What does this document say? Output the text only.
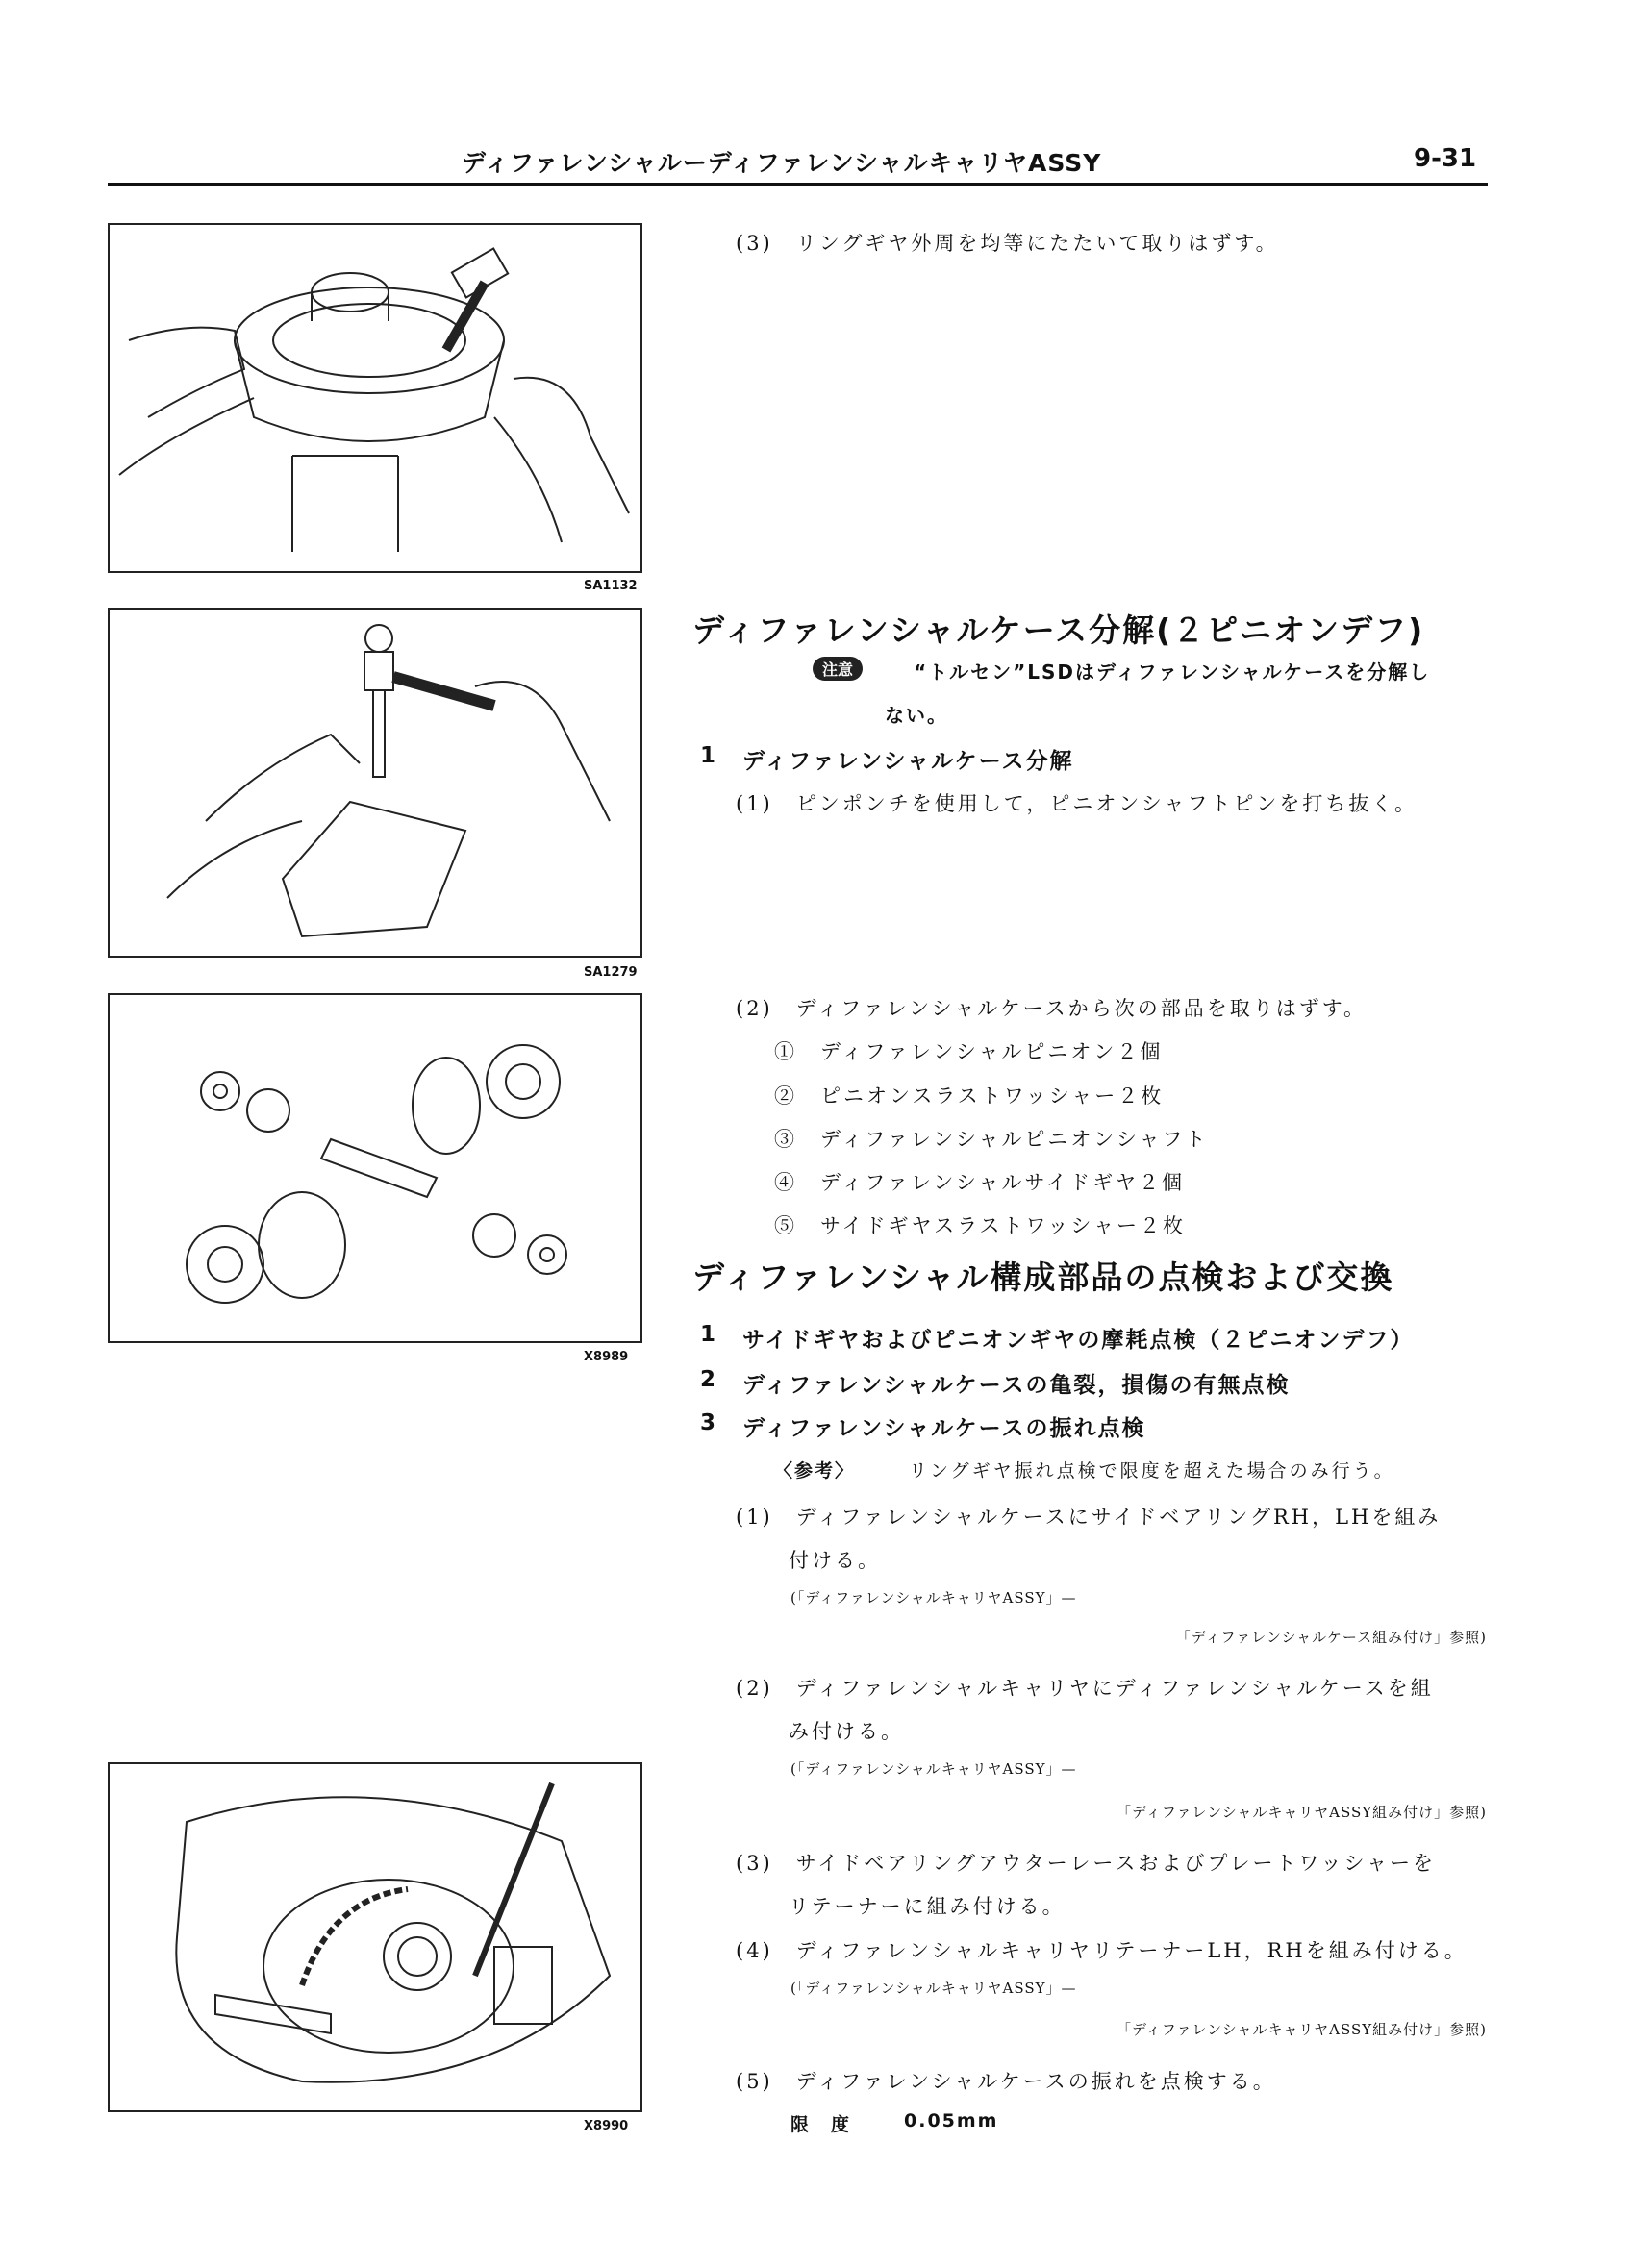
ディファレンシャルーディファレンシャルキャリヤASSY	9-31
SA1132
SA1279
X8989
X8990
(3)　リングギヤ外周を均等にたたいて取りはずす。
ディファレンシャルケース分解(２ピニオンデフ)
注意	“トルセン”LSDはディファレンシャルケースを分解し
ない。
1 ディファレンシャルケース分解
(1)　ピンポンチを使用して，ピニオンシャフトピンを打ち抜く。
(2)　ディファレンシャルケースから次の部品を取りはずす。
①　ディファレンシャルピニオン２個
②　ピニオンスラストワッシャー２枚
③　ディファレンシャルピニオンシャフト
④　ディファレンシャルサイドギヤ２個
⑤　サイドギヤスラストワッシャー２枚
ディファレンシャル構成部品の点検および交換
1 サイドギヤおよびピニオンギヤの摩耗点検（２ピニオンデフ）
2 ディファレンシャルケースの亀裂，損傷の有無点検
3 ディファレンシャルケースの振れ点検
〈参考〉	リングギヤ振れ点検で限度を超えた場合のみ行う。
(1)　ディファレンシャルケースにサイドベアリングRH，LHを組み
付ける。
(「ディファレンシャルキャリヤASSY」—
「ディファレンシャルケース組み付け」参照)
(2)　ディファレンシャルキャリヤにディファレンシャルケースを組
み付ける。
(「ディファレンシャルキャリヤASSY」—
「ディファレンシャルキャリヤASSY組み付け」参照)
(3)　サイドベアリングアウターレースおよびプレートワッシャーを
リテーナーに組み付ける。
(4)　ディファレンシャルキャリヤリテーナーLH，RHを組み付ける。
(「ディファレンシャルキャリヤASSY」—
「ディファレンシャルキャリヤASSY組み付け」参照)
(5)　ディファレンシャルケースの振れを点検する。
限　度	0.05mm
